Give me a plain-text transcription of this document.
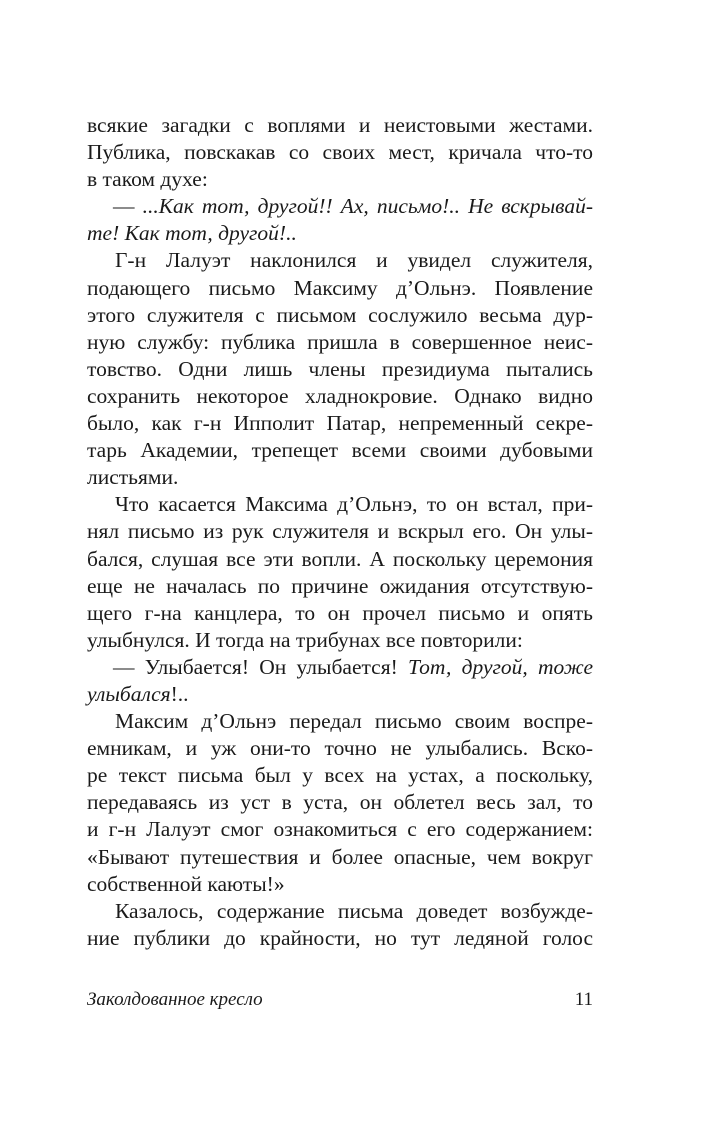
всякие загадки с воплями и неистовыми жестами.
Публика, повскакав со своих мест, кричала что-то
в таком духе:
— ...Как тот, другой!! Ах, письмо!.. Не вскрывай-
те! Как тот, другой!..
Г-н Лалуэт наклонился и увидел служителя,
подающего письмо Максиму д’Ольнэ. Появление
этого служителя с письмом сослужило весьма дур-
ную службу: публика пришла в совершенное неис-
товство. Одни лишь члены президиума пытались
сохранить некоторое хладнокровие. Однако видно
было, как г-н Ипполит Патар, непременный секре-
тарь Академии, трепещет всеми своими дубовыми
листьями.
Что касается Максима д’Ольнэ, то он встал, при-
нял письмо из рук служителя и вскрыл его. Он улы-
бался, слушая все эти вопли. А поскольку церемония
еще не началась по причине ожидания отсутствую-
щего г-на канцлера, то он прочел письмо и опять
улыбнулся. И тогда на трибунах все повторили:
— Улыбается! Он улыбается! Тот, другой, тоже
улыбался!..
Максим д’Ольнэ передал письмо своим воспре-
емникам, и уж они-то точно не улыбались. Вско-
ре текст письма был у всех на устах, а поскольку,
передаваясь из уст в уста, он облетел весь зал, то
и г-н Лалуэт смог ознакомиться с его содержанием:
«Бывают путешествия и более опасные, чем вокруг
собственной каюты!»
Казалось, содержание письма доведет возбужде-
ние публики до крайности, но тут ледяной голос
Заколдованное кресло	11
